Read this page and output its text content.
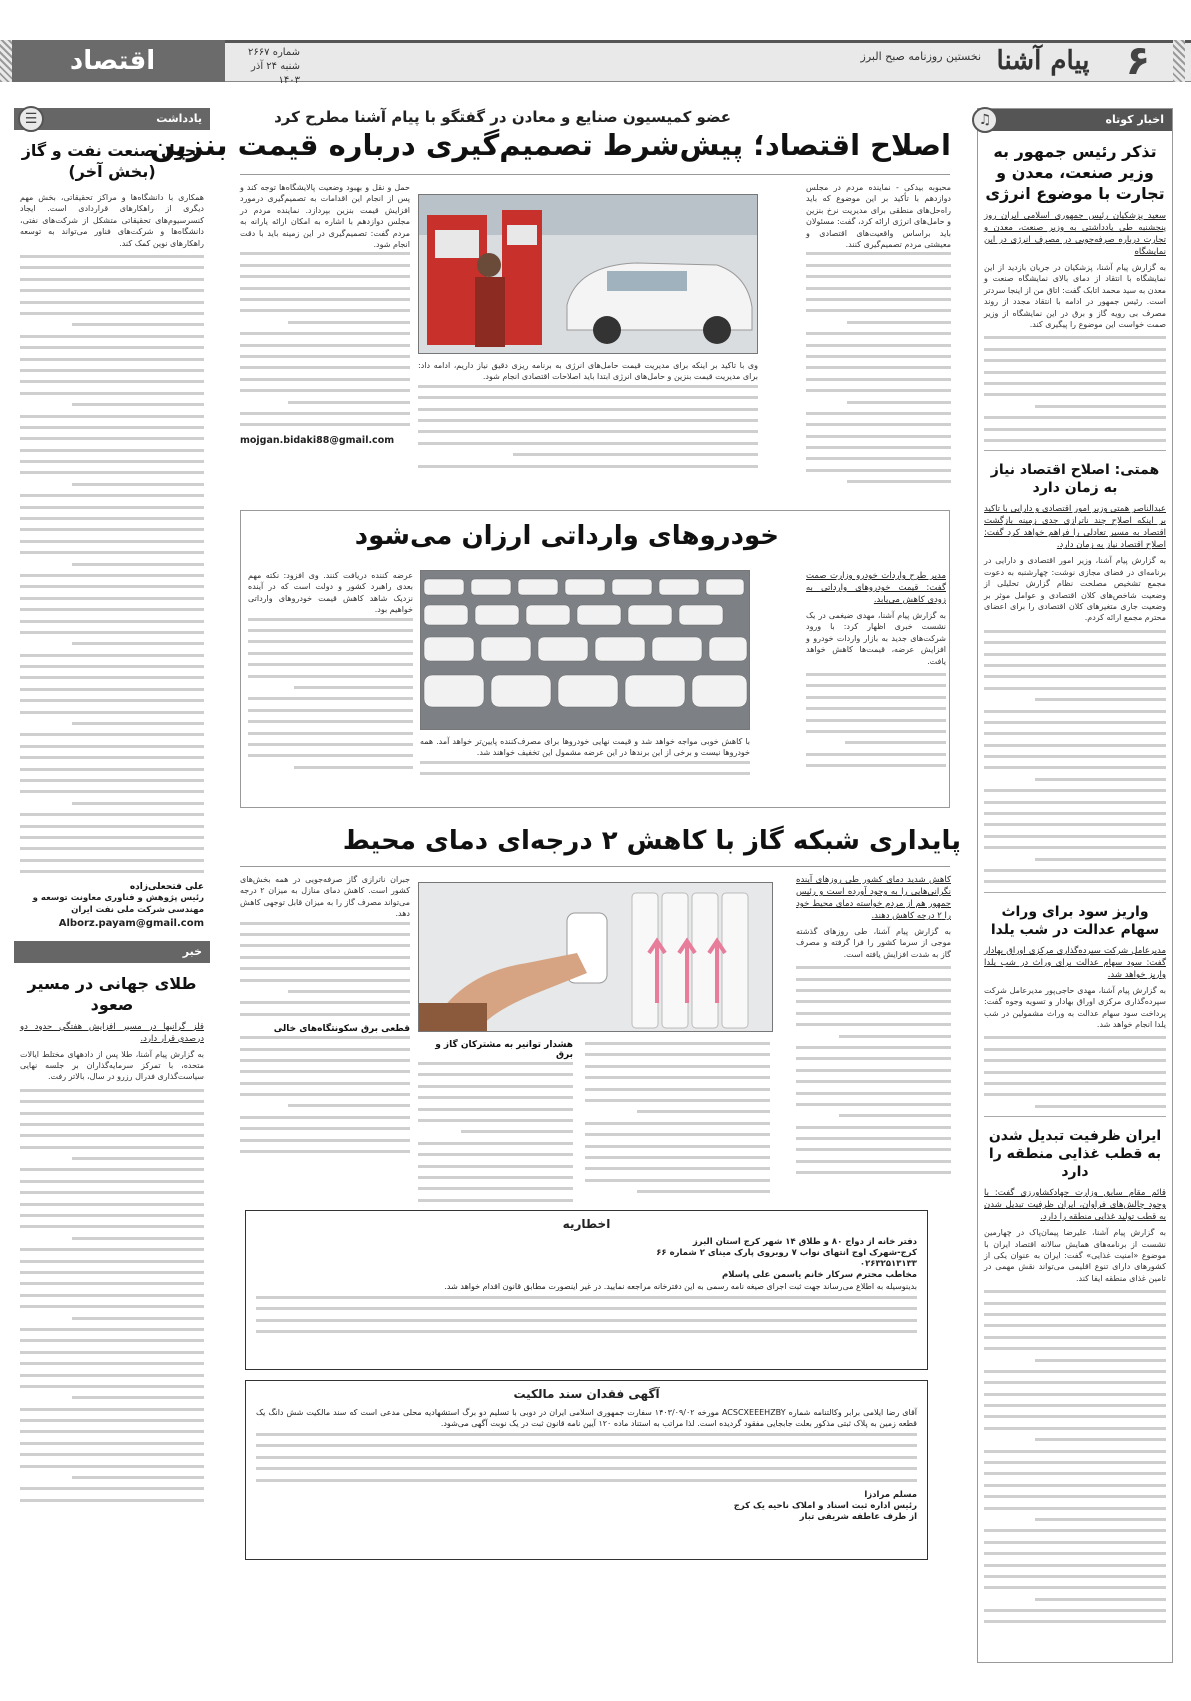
۶
پیام آشنا
نخستین روزنامه صبح البرز
شماره ۲۶۶۷
شنبه ۲۴ آذر ۱۴۰۳
اقتصاد
اخبار کوتاه
♫
تذکر رئیس جمهور به وزیر صنعت، معدن و تجارت با موضوع انرژی

سعید پزشکیان رئیس جمهوری اسلامی ایران روز پنجشنبه طی یادداشتی به وزیر صنعت، معدن و تجارت درباره صرفه‌جویی در مصرف انرژی در این نمایشگاه

به گزارش پیام آشنا، پزشکیان در جریان بازدید از این نمایشگاه با انتقاد از دمای بالای نمایشگاه صنعت و معدن به سید محمد اتابک گفت: اتاق من از اینجا سردتر است. رئیس جمهور در ادامه با انتقاد مجدد از روند مصرف بی رویه گاز و برق در این نمایشگاه از وزیر صمت خواست این موضوع را پیگیری کند.

همتی: اصلاح اقتصاد نیاز به زمان دارد

عبدالناصر همتی وزیر امور اقتصادی و دارایی با تاکید بر اینکه اصلاح چند ناترازی جدی زمینه بازگشت اقتصاد به مسیر تعادلی را فراهم خواهد کرد گفت: اصلاح اقتصاد نیاز به زمان دارد.

به گزارش پیام آشنا، وزیر امور اقتصادی و دارایی در برنامه‌ای در فضای مجازی نوشت: چهارشنبه به دعوت مجمع تشخیص مصلحت نظام گزارش تحلیلی از وضعیت شاخص‌های کلان اقتصادی و عوامل موثر بر وضعیت جاری متغیرهای کلان اقتصادی را برای اعضای محترم مجمع ارائه کردم.

واریز سود برای وراث سهام عدالت در شب یلدا

مدیرعامل شرکت سپرده‌گذاری مرکزی اوراق بهادار گفت: سود سهام عدالت برای وراث در شب یلدا واریز خواهد شد.

به گزارش پیام آشنا، مهدی حاجی‌پور مدیرعامل شرکت سپرده‌گذاری مرکزی اوراق بهادار و تسویه وجوه گفت: پرداخت سود سهام عدالت به وراث مشمولین در شب یلدا انجام خواهد شد.

ایران ظرفیت تبدیل شدن به قطب غذایی منطقه را دارد

قائم مقام سابق وزارت جهادکشاورزی گفت: با وجود چالش‌های فراوان، ایران ظرفیت تبدیل شدن به قطب تولید غذایی منطقه را دارد.

به گزارش پیام آشنا، علیرضا پیمان‌پاک در چهارمین نشست از برنامه‌های همایش سالانه اقتصاد ایران با موضوع «امنیت غذایی» گفت: ایران به عنوان یکی از کشورهای دارای تنوع اقلیمی می‌تواند نقش مهمی در تامین غذای منطقه ایفا کند.

یادداشت
☰
تحول صنعت نفت و گاز (بخش آخر)

همکاری با دانشگاه‌ها و مراکز تحقیقاتی، بخش مهم دیگری از راهکارهای قراردادی است. ایجاد کنسرسیوم‌های تحقیقاتی متشکل از شرکت‌های نفتی، دانشگاه‌ها و شرکت‌های فناور می‌تواند به توسعه راهکارهای نوین کمک کند.

علی فتحعلی‌زاده
رئیس پژوهش و فناوری معاونت توسعه و مهندسی شرکت ملی نفت ایران
Alborz.payam@gmail.com
خبر
طلای جهانی در مسیر صعود

قلز گرانبها در مسیر افزایش هفتگی حدود دو درصدی قرار دارد.

به گزارش پیام آشنا، طلا پس از دادههای مختلط ایالات متحده، با تمرکز سرمایه‌گذاران بر جلسه نهایی سیاست‌گذاری فدرال رزرو در سال، بالاتر رفت.

عضو کمیسیون صنایع و معادن در گفتگو با پیام آشنا مطرح کرد
اصلاح اقتصاد؛ پیش‌شرط تصمیم‌گیری درباره قیمت بنزین

محبوبه بیدکی - نماینده مردم در مجلس دوازدهم با تأکید بر این موضوع که باید راه‌حل‌های منطقی برای مدیریت نرخ بنزین و حامل‌های انرژی ارائه کرد، گفت: مسئولان باید براساس واقعیت‌های اقتصادی و معیشتی مردم تصمیم‌گیری کنند.

وی با تاکید بر اینکه برای مدیریت قیمت حامل‌های انرژی به برنامه ریزی دقیق نیاز داریم، ادامه داد: برای مدیریت قیمت بنزین و حامل‌های انرژی ابتدا باید اصلاحات اقتصادی انجام شود.

حمل و نقل و بهبود وضعیت پالایشگاه‌ها توجه کند و پس از انجام این اقدامات به تصمیم‌گیری درمورد افزایش قیمت بنزین بپردازد. نماینده مردم در مجلس دوازدهم با اشاره به امکان ارائه یارانه به مردم گفت: تصمیم‌گیری در این زمینه باید با دقت انجام شود.

mojgan.bidaki88@gmail.com
خودروهای وارداتی ارزان می‌شود

مدیر طرح واردات خودرو وزارت صمت گفت: قیمت خودروهای وارداتی به زودی کاهش می‌یابد.

به گزارش پیام آشنا، مهدی ضیغمی در یک نشست خبری اظهار کرد: با ورود شرکت‌های جدید به بازار واردات خودرو و افزایش عرضه، قیمت‌ها کاهش خواهد یافت.

با کاهش خوبی مواجه خواهد شد و قیمت نهایی خودروها برای مصرف‌کننده پایین‌تر خواهد آمد. همه خودروها نیست و برخی از این برندها در این عرضه مشمول این تخفیف خواهند شد.

عرضه کننده دریافت کنند. وی افزود: نکته مهم بعدی راهبرد کشور و دولت است که در آینده نزدیک شاهد کاهش قیمت خودروهای وارداتی خواهیم بود.

پایداری شبکه گاز با کاهش ۲ درجه‌ای دمای محیط

کاهش شدید دمای کشور طی روزهای آینده نگرانی‌هایی را به وجود آورده است و رئیس جمهور هم از مردم خواسته دمای محیط خود را ۲ درجه کاهش دهند.

به گزارش پیام آشنا، طی روزهای گذشته موجی از سرما کشور را فرا گرفته و مصرف گاز به شدت افزایش یافته است.

هشدار توانیر به مشترکان گاز و برق

جبران ناترازی گاز صرفه‌جویی در همه بخش‌های کشور است. کاهش دمای منازل به میزان ۲ درجه می‌تواند مصرف گاز را به میزان قابل توجهی کاهش دهد.

قطعی برق سکونتگاه‌های خالی
اخطاریه
دفتر خانه از دواج ۸۰ و طلاق ۱۴ شهر کرج استان البرز
کرج-شهرک اوج انتهای نواب ۷ روبروی پارک مینای ۲ شماره ۶۶
۰۲۶۳۲۵۱۳۱۳۳
مخاطب محترم سرکار خانم یاسمن علی پاسلام
بدینوسیله به اطلاع می‌رساند جهت ثبت اجرای صیغه نامه رسمی به این دفترخانه مراجعه نمایید. در غیر اینصورت مطابق قانون اقدام خواهد شد.
آگهی فقدان سند مالکیت
آقای رضا ایلامی برابر وکالتنامه شماره ACSCXEEEHZBY مورخه ۱۴۰۳/۰۹/۰۲ سفارت جمهوری اسلامی ایران در دوبی با تسلیم دو برگ استشهادیه محلی مدعی است که سند مالکیت شش دانگ یک قطعه زمین به پلاک ثبتی مذکور بعلت جابجایی مفقود گردیده است. لذا مراتب به استناد ماده ۱۲۰ آیین نامه قانون ثبت در یک نوبت آگهی می‌شود.
مسلم مرادزا
رئیس اداره ثبت اسناد و املاک ناحیه یک کرج
از طرف عاطفه شریفی تبار
